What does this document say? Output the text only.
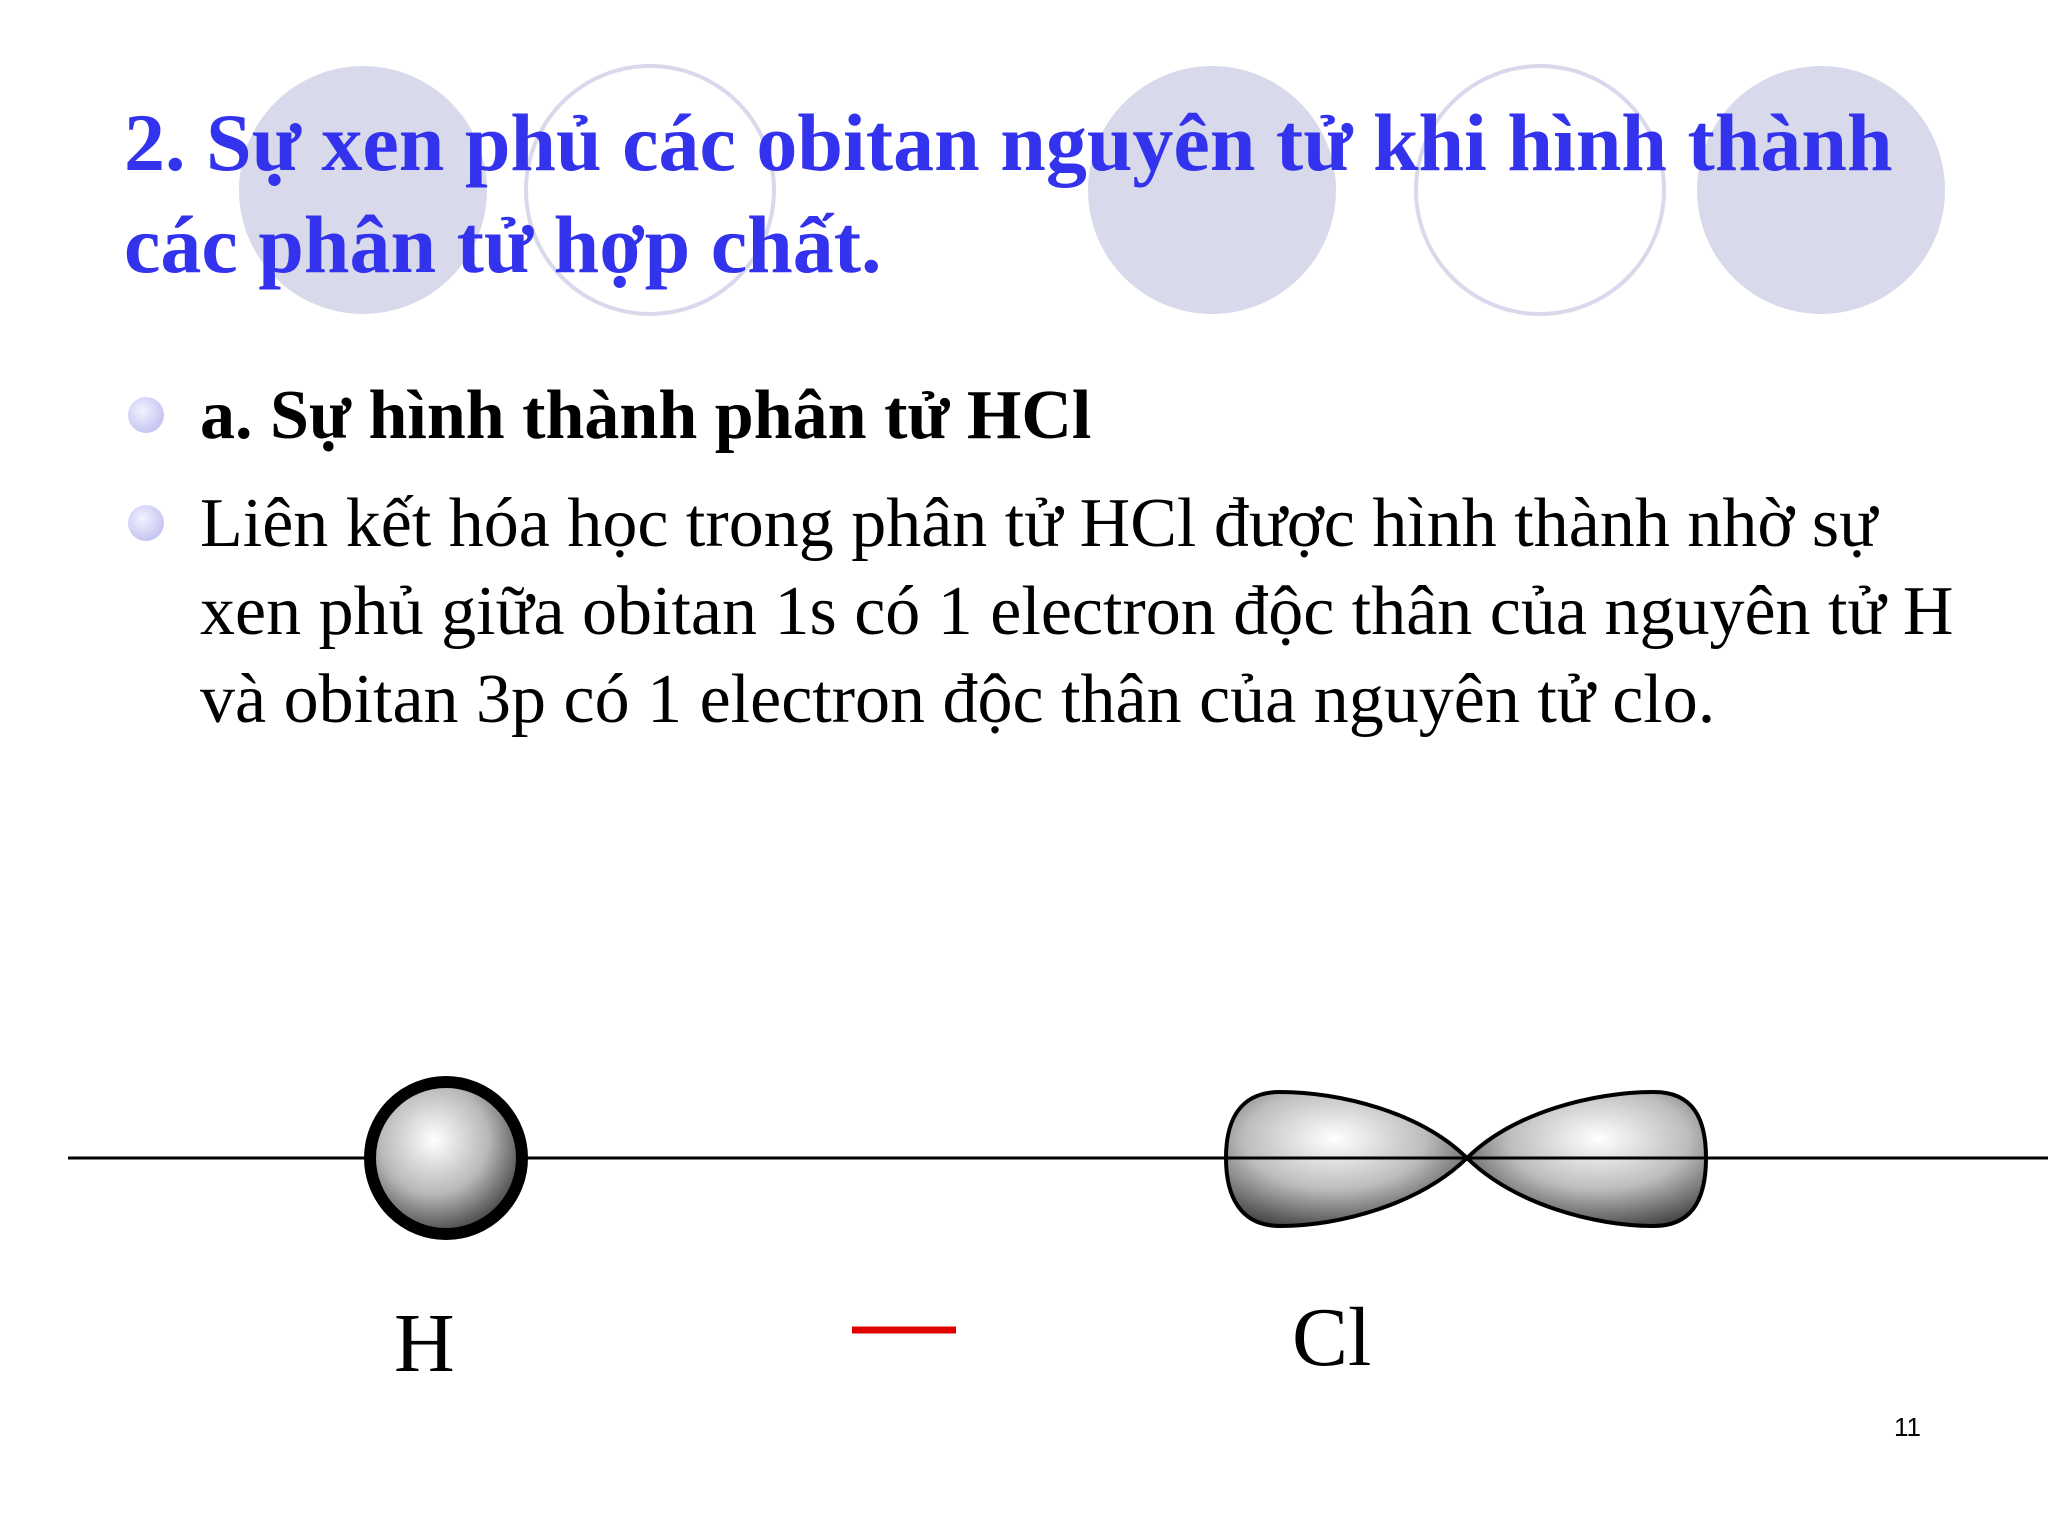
2. Sự xen phủ các obitan nguyên tử khi hình thành các phân tử hợp chất.
a. Sự hình thành phân tử HCl
Liên kết hóa học trong phân tử HCl được hình thành nhờ sự xen phủ giữa obitan 1s có 1 electron độc thân của nguyên tử H và obitan 3p có 1 electron độc thân của nguyên tử clo.
H	Cl
11
